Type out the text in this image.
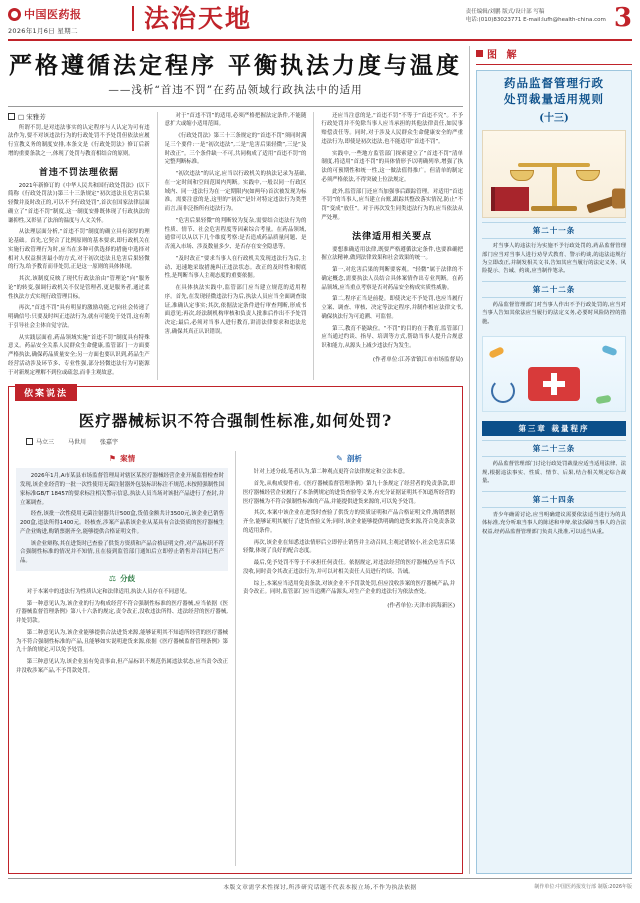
中国医药报
2026年1月6日 星期二	法治天地	责任编辑/刘鹏 版式/设计部 写稿
电话:(010)83023771 E-mail:lufh@health-china.com 3
严格遵循法定程序 平衡执法力度与温度
——浅析“首违不罚”在药品领域行政执法中的适用
□ 宋雅芳

所谓不罚,是对违法事实的认定程序与人认定为可有违法作为,要不对该违法行为的行政处罚不予处罚但依法应履行宣教义务的制度安排,本条文是《行政处罚法》修订后新增的重要条款之一,体现了处罚与教育相结合的原则。

首违不罚法理依据

2021年新修订的《中华人民共和国行政处罚法》(以下简称《行政处罚法》)第三十三条规定“初次违法且危害后果轻微并及时改正的,可以不予行政处罚”,首次在国家法律层面确立了“首违不罚”制度,这一制度安排既体现了行政执法的谦抑性,又彰显了法治的温度与人文关怀。

从法理层面分析,“首违不罚”制度的确立具有深厚的理论基础。首先,它契合了比例原则的基本要求,即行政机关在实施行政管理行为时,应当在多种可供选择的措施中选择对相对人权益损害最小的方式,对于初次违法且危害后果轻微的行为,给予教育而非处罚,正是这一原则的具体体现。

其次,该制度反映了现代行政法治由“管理论”向“服务论”的转变,强调行政机关不仅是管理者,更是服务者,通过柔性执法方式实现行政管理目标。

再次,“首违不罚”具有明显的激励功能,它向社会传递了明确信号:只要及时纠正违法行为,就有可能免于处罚,这有利于引导社会主体自觉守法。

从实践层面看,药品领域实施“首违不罚”制度具有特殊意义。药品安全关系人民群众生命健康,监管部门一方面要严格执法,确保药品质量安全;另一方面也要认识到,药品生产经营活动涉及环节多、专业性强,部分轻微违法行为可能源于对新规定理解不到位或疏忽,而非主观故意。

对于“首违不罚”的适用,必须严格把握法定条件,不能随意扩大或缩小适用范围。

《行政处罚法》第三十三条规定的“首违不罚”须同时满足三个要件:一是“初次违法”,二是“危害后果轻微”,三是“及时改正”。三个条件缺一不可,共同构成了适用“首违不罚”的完整判断标准。

“初次违法”的认定,应当以行政机关的执法记录为基础,在一定时间和空间范围内判断。实践中,一般以同一行政区域内、同一违法行为在一定期限内(如两年)首次被发现为标准。需要注意的是,这里的“初次”是针对特定违法行为类型而言,而非泛指所有违法行为。

“危害后果轻微”的判断较为复杂,需要结合违法行为的性质、情节、社会危害程度等因素综合考量。在药品领域,通常可以从以下几个维度考察:是否造成药品质量问题、是否流入市场、涉及数量多少、是否存在安全隐患等。

“及时改正”要求当事人在行政机关发现违法行为后,主动、迅速地采取措施纠正违法状态。改正的及时性和彻底性,是判断当事人主观态度的重要依据。

在具体执法实践中,监管部门应当建立规范的适用程序。首先,在发现轻微违法行为后,执法人员应当全面调查取证,准确认定事实;其次,依据法定条件进行审查判断,形成书面意见;再次,经法制机构审核和负责人批准后作出不予处罚决定;最后,必须对当事人进行教育,讲清法律要求和违法危害,确保其真正认识错误。

还应当注意的是,“首违不罚”不等于“首违不究”。不予行政处罚并不免除当事人应当承担的其他法律责任,如民事赔偿责任等。同时,对于涉及人民群众生命健康安全的严重违法行为,即使是初次违法,也不能适用“首违不罚”。

实践中,一些地方监管部门探索建立了“首违不罚”清单制度,将适用“首违不罚”的具体情形予以明确列举,增强了执法的可预期性和统一性,这一做法值得推广。但清单的制定必须严格依法,不得突破上位法规定。

此外,监管部门还应当加强事后跟踪管理。对适用“首违不罚”的当事人,应当建立台账,跟踪其整改落实情况,防止“不罚”变成“放任”。对于再次发生同类违法行为的,应当依法从严处理。

法律适用相关要点

要想准确适用法律,既要严格遵循法定条件,也要准确把握立法精神,做到法律效果和社会效果的统一。

第一,对危害后果的判断要客观。“轻微”属于法律的不确定概念,需要执法人员结合具体案情作出专业判断。在药品领域,应当重点考察是否对药品安全构成实质性威胁。

第二,程序正当是前提。即使决定不予处罚,也应当履行立案、调查、审核、决定等法定程序,并制作相应法律文书,确保执法行为可追溯、可监督。

第三,教育不能缺位。“不罚”的目的在于教育,监管部门应当通过约谈、指导、培训等方式,帮助当事人提升合规意识和能力,从源头上减少违法行为发生。

(作者单位:江苏省镇江市市场监督局)
依案说法
医疗器械标识不符合强制性标准,如何处罚?
马立三 马世川 张嘉宇
⚑ 案情

2026年1月,A市某县市场监督管理局对辖区某医疗器械经营企业开展监督检查时发现,该企业经营的一批一次性使用无菌注射器外包装标识标注不规范,未按照强制性国家标准GB/T 18457的要求标注相关警示信息,执法人员当场对该批产品进行了查封,并立案调查。

经查,该批一次性使用无菌注射器共计500盒,货值金额共计3500元,该企业已销售200盒,违法所得1400元。经核查,涉案产品系该企业从某具有合法资质的医疗器械生产企业购进,购销票据齐全,能够提供合格证明文件。

该企业辩称,其在进货时已查验了供货方资质和产品合格证明文件,对产品标识不符合强制性标准的情况并不知情,且在接到监管部门通知后立即停止销售并召回已售产品。

⚖ 分歧

对于本案中的违法行为性质认定和法律适用,执法人员存在不同意见。

第一种意见认为,该企业的行为构成经营不符合强制性标准的医疗器械,应当依据《医疗器械监督管理条例》第八十六条的规定,责令改正,没收违法所得、违法经营的医疗器械,并处罚款。

第二种意见认为,该企业能够提供合法进货来源,能够证明其不知道所经营的医疗器械为不符合强制性标准的产品,且能够如实说明进货来源,依据《医疗器械监督管理条例》第九十条的规定,可以免予处罚。

第三种意见认为,该企业虽有免责事由,但产品标识不规范仍属违法状态,应当责令改正并没收涉案产品,不予罚款处罚。

✎ 剖析

针对上述分歧,笔者认为,第二种观点更符合法律规定和立法本意。

首先,从构成要件看,《医疗器械监督管理条例》第九十条规定了经营者的免责条款,即医疗器械经营企业履行了本条例规定的进货查验等义务,有充分证据证明其不知道所经营的医疗器械为不符合强制性标准的产品,并能提供进货来源的,可以免予处罚。

其次,本案中该企业在进货时查验了供货方的资质证明和产品合格证明文件,购销票据齐全,能够证明其履行了进货查验义务;同时,该企业能够提供明确的进货来源,符合免责条款的适用条件。

再次,该企业在知悉违法情形后立即停止销售并主动召回,主观过错较小,社会危害后果轻微,体现了良好的配合态度。

最后,免予处罚不等于不承担任何责任。依据规定,对违法经营的医疗器械仍应当予以没收,同时责令其改正违法行为,并可以对相关责任人员进行约谈、告诫。

综上,本案应当适用免责条款,对该企业不予罚款处罚,但应没收涉案的医疗器械产品,并责令改正。同时,监管部门应当追溯产品源头,对生产企业的违法行为依法查处。

(作者单位:天津市滨海新区)
图 解
药品监督管理行政
处罚裁量适用规则
(十三)
第二十一条
对当事人的违法行为实施不予行政处罚的,药品监督管理部门应当对当事人进行劝导式教育、警示约谈,的违法违规行为立即改正,并制发相关文书,告知其应当履行的法定义务、风险提示、告诫、约谈,应当制作笔录。
第二十二条
药品监督管理部门对当事人作出不予行政处罚的,应当对当事人告知其依法应当履行的法定义务,必要时风险防控的措施。
第三章 裁量程序
第二十三条
药品监督管理部门讨论行政处罚裁量应适当适用法律、法规,根据违法事实、性质、情节、后果,结合相关规定综合裁量。
第二十四条
青少年确需讨论,应当明确建议需要依法适当进行为的具体标准,充分听取当事人的陈述和申辩,依法保障当事人的合法权益,经药品监督管理部门负责人批准,可以适当从重。
本版文章需学术性探讨,所涉研究话题不代表本报立场,不作为执法依据	制作单位:中国医药报发行部 制版:2026年版
